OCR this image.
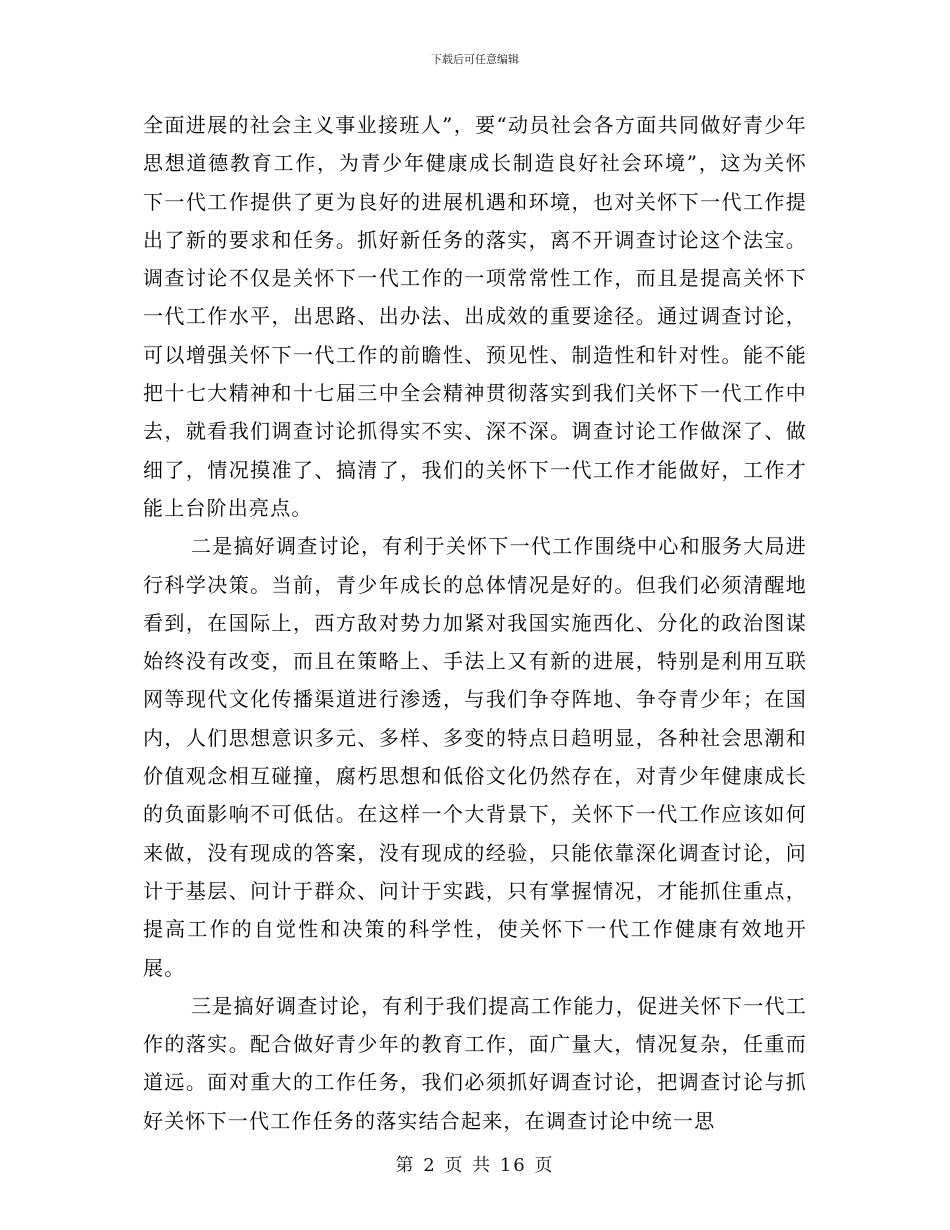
下载后可任意编辑

全面进展的社会主义事业接班人”，要“动员社会各方面共同做好青少年思想道德教育工作，为青少年健康成长制造良好社会环境”，这为关怀下一代工作提供了更为良好的进展机遇和环境，也对关怀下一代工作提出了新的要求和任务。抓好新任务的落实，离不开调查讨论这个法宝。调查讨论不仅是关怀下一代工作的一项常常性工作，而且是提高关怀下一代工作水平，出思路、出办法、出成效的重要途径。通过调查讨论，可以增强关怀下一代工作的前瞻性、预见性、制造性和针对性。能不能把十七大精神和十七届三中全会精神贯彻落实到我们关怀下一代工作中去，就看我们调查讨论抓得实不实、深不深。调查讨论工作做深了、做细了，情况摸准了、搞清了，我们的关怀下一代工作才能做好，工作才能上台阶出亮点。

二是搞好调查讨论，有利于关怀下一代工作围绕中心和服务大局进行科学决策。当前，青少年成长的总体情况是好的。但我们必须清醒地看到，在国际上，西方敌对势力加紧对我国实施西化、分化的政治图谋始终没有改变，而且在策略上、手法上又有新的进展，特别是利用互联网等现代文化传播渠道进行渗透，与我们争夺阵地、争夺青少年；在国内，人们思想意识多元、多样、多变的特点日趋明显，各种社会思潮和价值观念相互碰撞，腐朽思想和低俗文化仍然存在，对青少年健康成长的负面影响不可低估。在这样一个大背景下，关怀下一代工作应该如何来做，没有现成的答案，没有现成的经验，只能依靠深化调查讨论，问计于基层、问计于群众、问计于实践，只有掌握情况，才能抓住重点，提高工作的自觉性和决策的科学性，使关怀下一代工作健康有效地开展。

三是搞好调查讨论，有利于我们提高工作能力，促进关怀下一代工作的落实。配合做好青少年的教育工作，面广量大，情况复杂，任重而道远。面对重大的工作任务，我们必须抓好调查讨论，把调查讨论与抓好关怀下一代工作任务的落实结合起来，在调查讨论中统一思

第 2 页 共 16 页
